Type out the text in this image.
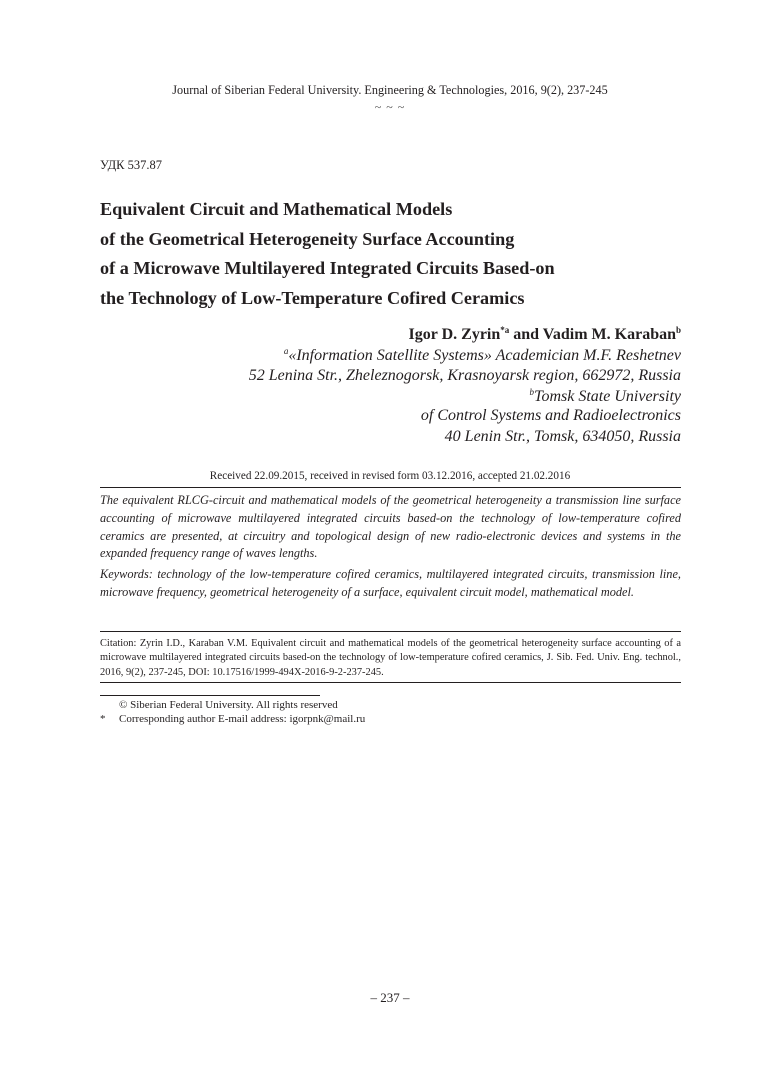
Journal of Siberian Federal University. Engineering & Technologies, 2016, 9(2), 237-245
~ ~ ~
УДК 537.87
Equivalent Circuit and Mathematical Models
of the Geometrical Heterogeneity Surface Accounting
of a Microwave Multilayered Integrated Circuits Based-on
the Technology of Low-Temperature Cofired Ceramics
Igor D. Zyrin$^{*a}$ and Vadim M. Karaban$^b$
$^a$«Information Satellite Systems» Academician M.F. Reshetnev
52 Lenina Str., Zheleznogorsk, Krasnoyarsk region, 662972, Russia
$^b$Tomsk State University
of Control Systems and Radioelectronics
40 Lenin Str., Tomsk, 634050, Russia
Received 22.09.2015, received in revised form 03.12.2016, accepted 21.02.2016
The equivalent RLCG-circuit and mathematical models of the geometrical heterogeneity a transmission line surface accounting of microwave multilayered integrated circuits based-on the technology of low-temperature cofired ceramics are presented, at circuitry and topological design of new radio-electronic devices and systems in the expanded frequency range of waves lengths.
Keywords: technology of the low-temperature cofired ceramics, multilayered integrated circuits, transmission line, microwave frequency, geometrical heterogeneity of a surface, equivalent circuit model, mathematical model.
Citation: Zyrin I.D., Karaban V.M. Equivalent circuit and mathematical models of the geometrical heterogeneity surface accounting of a microwave multilayered integrated circuits based-on the technology of low-temperature cofired ceramics, J. Sib. Fed. Univ. Eng. technol., 2016, 9(2), 237-245, DOI: 10.17516/1999-494X-2016-9-2-237-245.
© Siberian Federal University. All rights reserved
* Corresponding author E-mail address: igorpnk@mail.ru
– 237 –
